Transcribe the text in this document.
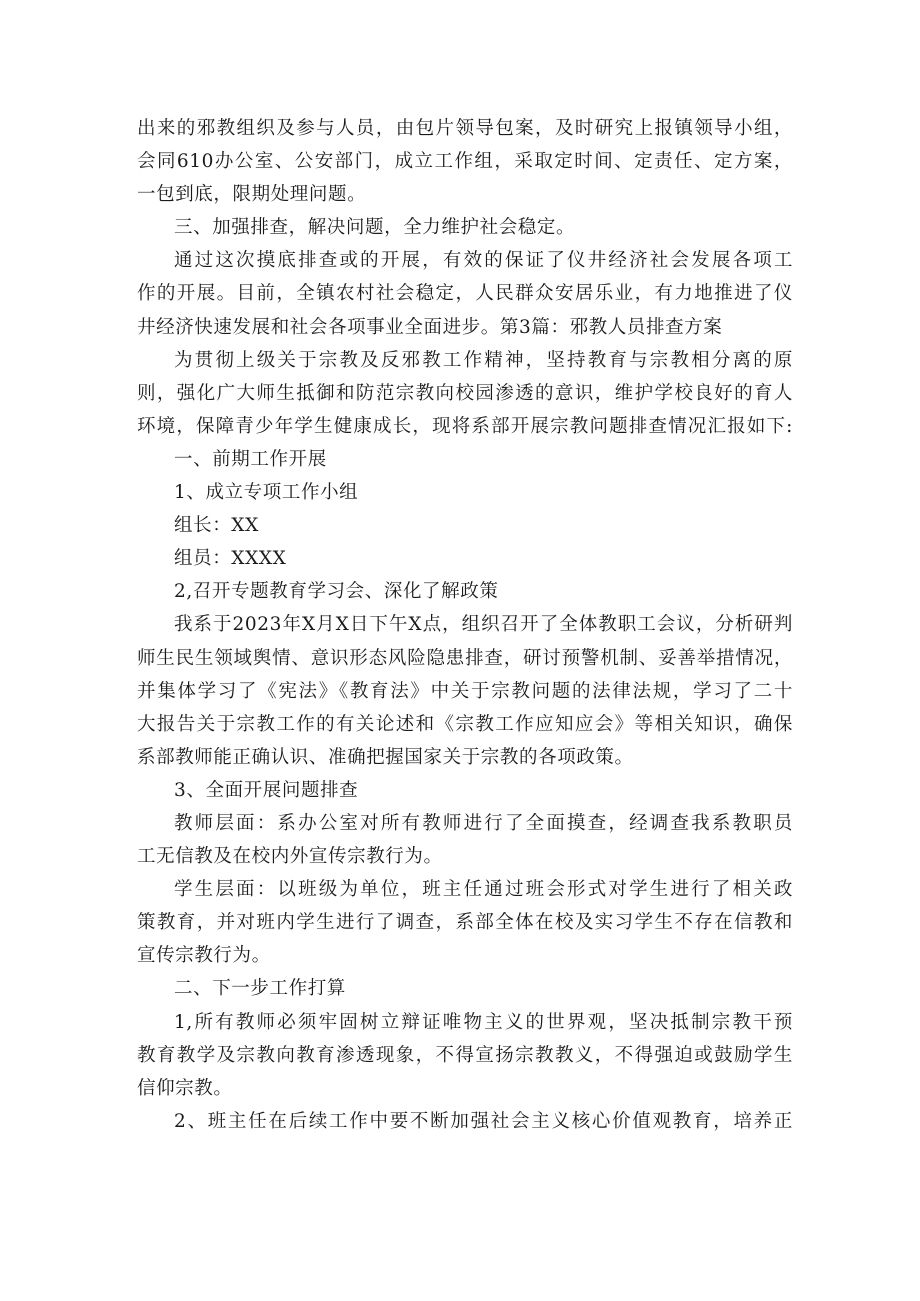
出来的邪教组织及参与人员，由包片领导包案，及时研究上报镇领导小组，
会同610办公室、公安部门，成立工作组，采取定时间、定责任、定方案，
一包到底，限期处理问题。
三、加强排查，解决问题，全力维护社会稳定。
通过这次摸底排查或的开展，有效的保证了仪井经济社会发展各项工
作的开展。目前，全镇农村社会稳定，人民群众安居乐业，有力地推进了仪
井经济快速发展和社会各项事业全面进步。第3篇：邪教人员排查方案
为贯彻上级关于宗教及反邪教工作精神，坚持教育与宗教相分离的原
则，强化广大师生抵御和防范宗教向校园渗透的意识，维护学校良好的育人
环境，保障青少年学生健康成长，现将系部开展宗教问题排查情况汇报如下:
一、前期工作开展
1、成立专项工作小组
组长：XX
组员：XXXX
2,召开专题教育学习会、深化了解政策
我系于2023年X月X日下午X点，组织召开了全体教职工会议，分析研判
师生民生领域舆情、意识形态风险隐患排查，研讨预警机制、妥善举措情况，
并集体学习了《宪法》《教育法》中关于宗教问题的法律法规，学习了二十
大报告关于宗教工作的有关论述和《宗教工作应知应会》等相关知识，确保
系部教师能正确认识、准确把握国家关于宗教的各项政策。
3、全面开展问题排查
教师层面：系办公室对所有教师进行了全面摸查，经调查我系教职员
工无信教及在校内外宣传宗教行为。
学生层面：以班级为单位，班主任通过班会形式对学生进行了相关政
策教育，并对班内学生进行了调查，系部全体在校及实习学生不存在信教和
宣传宗教行为。
二、下一步工作打算
1,所有教师必须牢固树立辩证唯物主义的世界观，坚决抵制宗教干预
教育教学及宗教向教育渗透现象，不得宣扬宗教教义，不得强迫或鼓励学生
信仰宗教。
2、班主任在后续工作中要不断加强社会主义核心价值观教育，培养正
